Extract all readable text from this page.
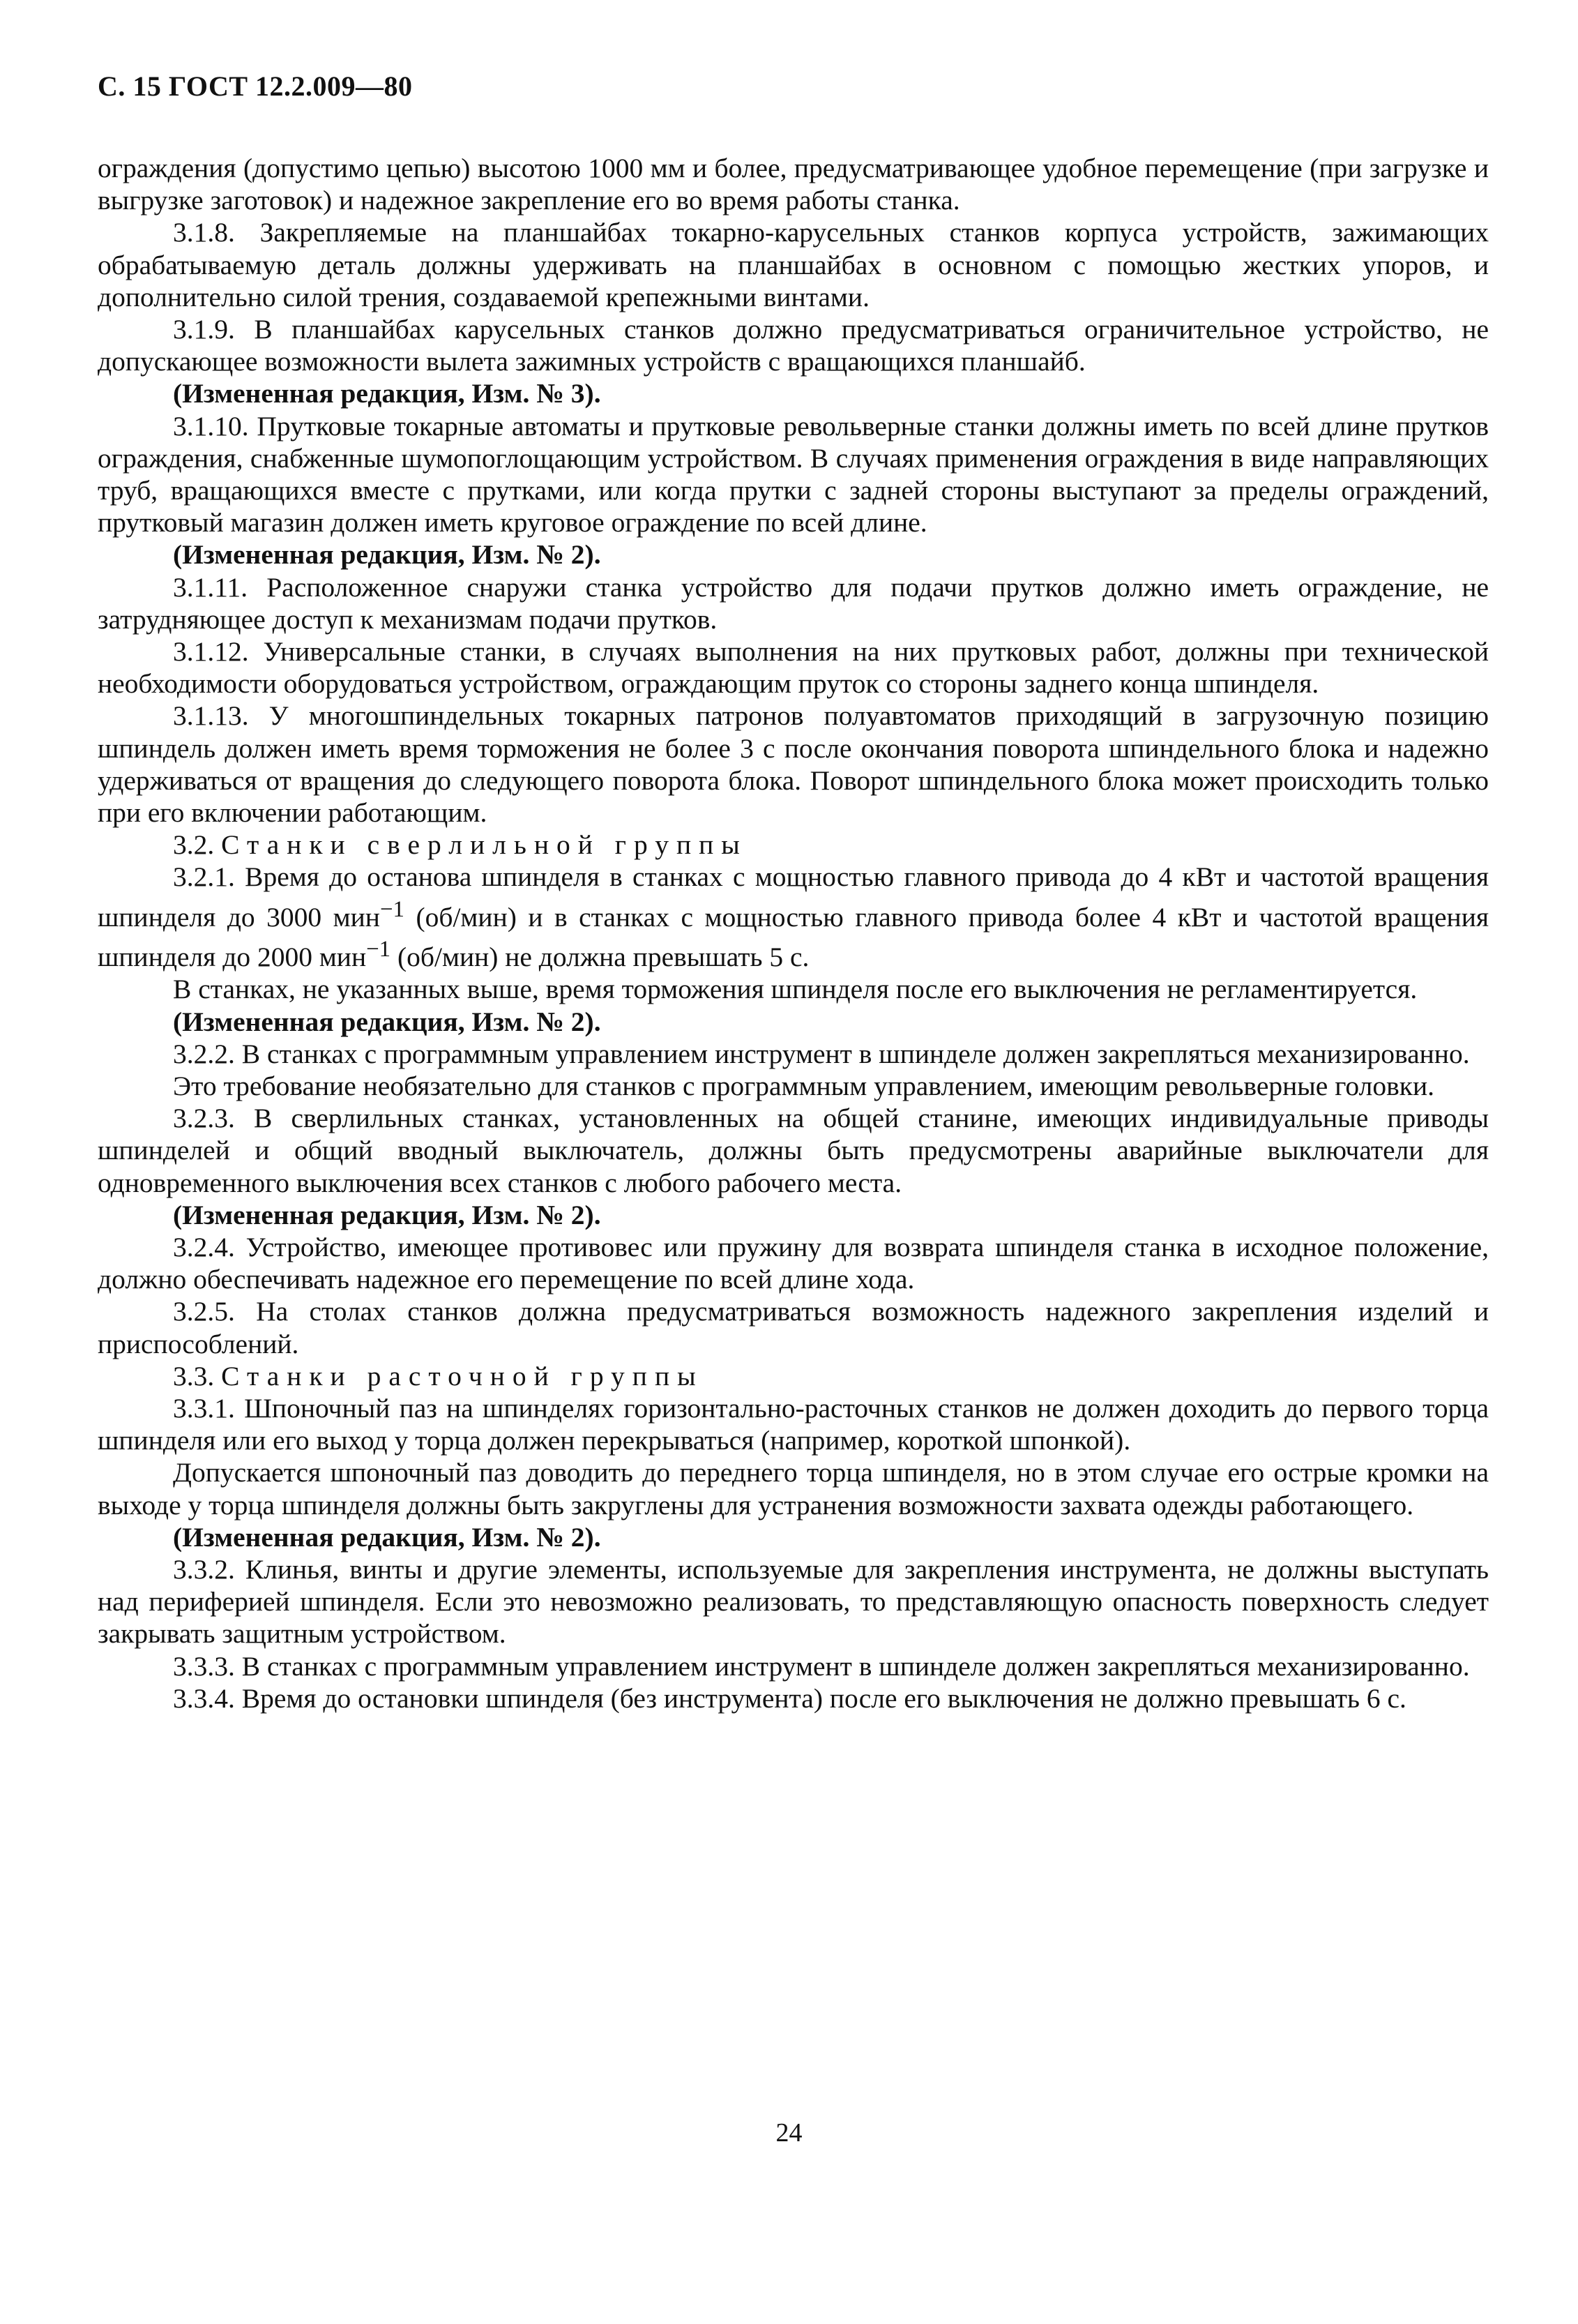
С. 15 ГОСТ 12.2.009—80

ограждения (допустимо цепью) высотою 1000 мм и более, предусматривающее удобное перемещение (при загрузке и выгрузке заготовок) и надежное закрепление его во время работы станка.

3.1.8. Закрепляемые на планшайбах токарно-карусельных станков корпуса устройств, зажимающих обрабатываемую деталь должны удерживать на планшайбах в основном с помощью жестких упоров, и дополнительно силой трения, создаваемой крепежными винтами.

3.1.9. В планшайбах карусельных станков должно предусматриваться ограничительное устройство, не допускающее возможности вылета зажимных устройств с вращающихся планшайб.

(Измененная редакция, Изм. № 3).

3.1.10. Прутковые токарные автоматы и прутковые револьверные станки должны иметь по всей длине прутков ограждения, снабженные шумопоглощающим устройством. В случаях применения ограждения в виде направляющих труб, вращающихся вместе с прутками, или когда прутки с задней стороны выступают за пределы ограждений, прутковый магазин должен иметь круговое ограждение по всей длине.

(Измененная редакция, Изм. № 2).

3.1.11. Расположенное снаружи станка устройство для подачи прутков должно иметь ограждение, не затрудняющее доступ к механизмам подачи прутков.

3.1.12. Универсальные станки, в случаях выполнения на них прутковых работ, должны при технической необходимости оборудоваться устройством, ограждающим пруток со стороны заднего конца шпинделя.

3.1.13. У многошпиндельных токарных патронов полуавтоматов приходящий в загрузочную позицию шпиндель должен иметь время торможения не более 3 с после окончания поворота шпиндельного блока и надежно удерживаться от вращения до следующего поворота блока. Поворот шпиндельного блока может происходить только при его включении работающим.

3.2. Станки сверлильной группы

3.2.1. Время до останова шпинделя в станках с мощностью главного привода до 4 кВт и частотой вращения шпинделя до 3000 мин$^{-1}$ (об/мин) и в станках с мощностью главного привода более 4 кВт и частотой вращения шпинделя до 2000 мин$^{-1}$ (об/мин) не должна превышать 5 с.

В станках, не указанных выше, время торможения шпинделя после его выключения не регламентируется.

(Измененная редакция, Изм. № 2).

3.2.2. В станках с программным управлением инструмент в шпинделе должен закрепляться механизированно.

Это требование необязательно для станков с программным управлением, имеющим револьверные головки.

3.2.3. В сверлильных станках, установленных на общей станине, имеющих индивидуальные приводы шпинделей и общий вводный выключатель, должны быть предусмотрены аварийные выключатели для одновременного выключения всех станков с любого рабочего места.

(Измененная редакция, Изм. № 2).

3.2.4. Устройство, имеющее противовес или пружину для возврата шпинделя станка в исходное положение, должно обеспечивать надежное его перемещение по всей длине хода.

3.2.5. На столах станков должна предусматриваться возможность надежного закрепления изделий и приспособлений.

3.3. Станки расточной группы

3.3.1. Шпоночный паз на шпинделях горизонтально-расточных станков не должен доходить до первого торца шпинделя или его выход у торца должен перекрываться (например, короткой шпонкой).

Допускается шпоночный паз доводить до переднего торца шпинделя, но в этом случае его острые кромки на выходе у торца шпинделя должны быть закруглены для устранения возможности захвата одежды работающего.

(Измененная редакция, Изм. № 2).

3.3.2. Клинья, винты и другие элементы, используемые для закрепления инструмента, не должны выступать над периферией шпинделя. Если это невозможно реализовать, то представляющую опасность поверхность следует закрывать защитным устройством.

3.3.3. В станках с программным управлением инструмент в шпинделе должен закрепляться механизированно.

3.3.4. Время до остановки шпинделя (без инструмента) после его выключения не должно превышать 6 с.

24
